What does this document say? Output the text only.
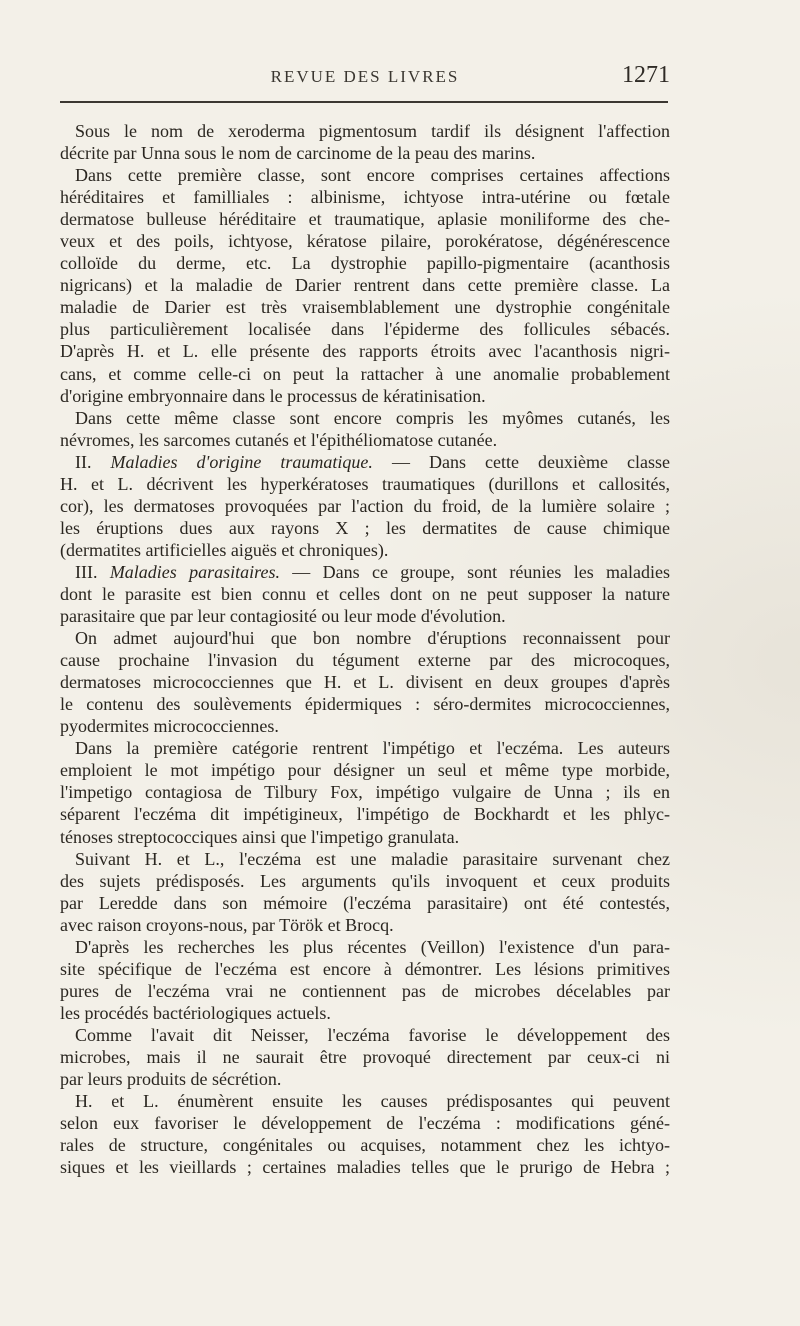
REVUE DES LIVRES	1271
Sous le nom de xeroderma pigmentosum tardif ils désignent l'affection
décrite par Unna sous le nom de carcinome de la peau des marins.
Dans cette première classe, sont encore comprises certaines affections
héréditaires et familliales : albinisme, ichtyose intra-utérine ou fœtale
dermatose bulleuse héréditaire et traumatique, aplasie moniliforme des che-
veux et des poils, ichtyose, kératose pilaire, porokératose, dégénérescence
colloïde du derme, etc. La dystrophie papillo-pigmentaire (acanthosis
nigricans) et la maladie de Darier rentrent dans cette première classe. La
maladie de Darier est très vraisemblablement une dystrophie congénitale
plus particulièrement localisée dans l'épiderme des follicules sébacés.
D'après H. et L. elle présente des rapports étroits avec l'acanthosis nigri-
cans, et comme celle-ci on peut la rattacher à une anomalie probablement
d'origine embryonnaire dans le processus de kératinisation.
Dans cette même classe sont encore compris les myômes cutanés, les
névromes, les sarcomes cutanés et l'épithéliomatose cutanée.
II. Maladies d'origine traumatique. — Dans cette deuxième classe
H. et L. décrivent les hyperkératoses traumatiques (durillons et callosités,
cor), les dermatoses provoquées par l'action du froid, de la lumière solaire ;
les éruptions dues aux rayons X ; les dermatites de cause chimique
(dermatites artificielles aiguës et chroniques).
III. Maladies parasitaires. — Dans ce groupe, sont réunies les maladies
dont le parasite est bien connu et celles dont on ne peut supposer la nature
parasitaire que par leur contagiosité ou leur mode d'évolution.
On admet aujourd'hui que bon nombre d'éruptions reconnaissent pour
cause prochaine l'invasion du tégument externe par des microcoques,
dermatoses micrococciennes que H. et L. divisent en deux groupes d'après
le contenu des soulèvements épidermiques : séro-dermites micrococciennes,
pyodermites micrococciennes.
Dans la première catégorie rentrent l'impétigo et l'eczéma. Les auteurs
emploient le mot impétigo pour désigner un seul et même type morbide,
l'impetigo contagiosa de Tilbury Fox, impétigo vulgaire de Unna ; ils en
séparent l'eczéma dit impétigineux, l'impétigo de Bockhardt et les phlyc-
ténoses streptococciques ainsi que l'impetigo granulata.
Suivant H. et L., l'eczéma est une maladie parasitaire survenant chez
des sujets prédisposés. Les arguments qu'ils invoquent et ceux produits
par Leredde dans son mémoire (l'eczéma parasitaire) ont été contestés,
avec raison croyons-nous, par Török et Brocq.
D'après les recherches les plus récentes (Veillon) l'existence d'un para-
site spécifique de l'eczéma est encore à démontrer. Les lésions primitives
pures de l'eczéma vrai ne contiennent pas de microbes décelables par
les procédés bactériologiques actuels.
Comme l'avait dit Neisser, l'eczéma favorise le développement des
microbes, mais il ne saurait être provoqué directement par ceux-ci ni
par leurs produits de sécrétion.
H. et L. énumèrent ensuite les causes prédisposantes qui peuvent
selon eux favoriser le développement de l'eczéma : modifications géné-
rales de structure, congénitales ou acquises, notamment chez les ichtyo-
siques et les vieillards ; certaines maladies telles que le prurigo de Hebra ;
